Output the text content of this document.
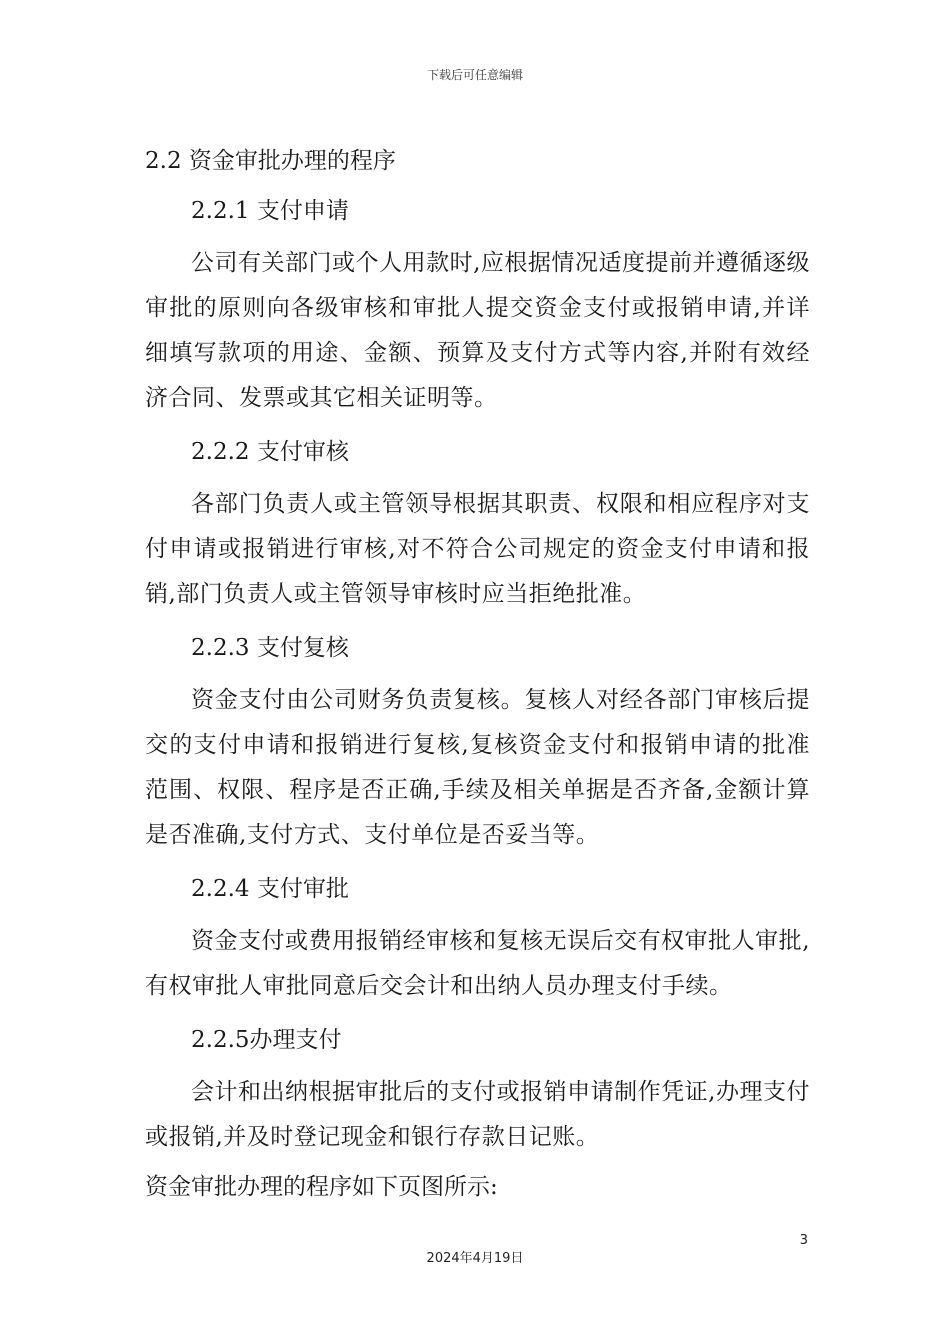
下载后可任意编辑

2.2 资金审批办理的程序

2.2.1 支付申请

公司有关部门或个人用款时,应根据情况适度提前并遵循逐级审批的原则向各级审核和审批人提交资金支付或报销申请,并详细填写款项的用途、金额、预算及支付方式等内容,并附有效经济合同、发票或其它相关证明等。

2.2.2 支付审核

各部门负责人或主管领导根据其职责、权限和相应程序对支付申请或报销进行审核,对不符合公司规定的资金支付申请和报销,部门负责人或主管领导审核时应当拒绝批准。

2.2.3 支付复核

资金支付由公司财务负责复核。复核人对经各部门审核后提交的支付申请和报销进行复核,复核资金支付和报销申请的批准范围、权限、程序是否正确,手续及相关单据是否齐备,金额计算是否准确,支付方式、支付单位是否妥当等。

2.2.4 支付审批

资金支付或费用报销经审核和复核无误后交有权审批人审批,有权审批人审批同意后交会计和出纳人员办理支付手续。

2.2.5办理支付

会计和出纳根据审批后的支付或报销申请制作凭证,办理支付或报销,并及时登记现金和银行存款日记账。

资金审批办理的程序如下页图所示:

3
2024年4月19日
